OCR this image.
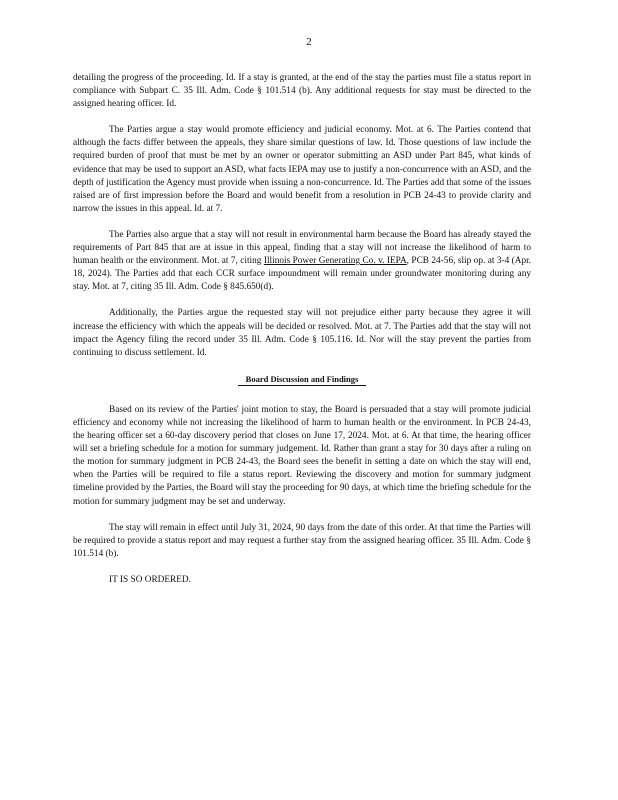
2

detailing the progress of the proceeding. Id. If a stay is granted, at the end of the stay the parties must file a status report in compliance with Subpart C. 35 Ill. Adm. Code § 101.514 (b). Any additional requests for stay must be directed to the assigned hearing officer. Id.

The Parties argue a stay would promote efficiency and judicial economy. Mot. at 6. The Parties contend that although the facts differ between the appeals, they share similar questions of law. Id. Those questions of law include the required burden of proof that must be met by an owner or operator submitting an ASD under Part 845, what kinds of evidence that may be used to support an ASD, what facts IEPA may use to justify a non-concurrence with an ASD, and the depth of justification the Agency must provide when issuing a non-concurrence. Id. The Parties add that some of the issues raised are of first impression before the Board and would benefit from a resolution in PCB 24-43 to provide clarity and narrow the issues in this appeal. Id. at 7.

The Parties also argue that a stay will not result in environmental harm because the Board has already stayed the requirements of Part 845 that are at issue in this appeal, finding that a stay will not increase the likelihood of harm to human health or the environment. Mot. at 7, citing Illinois Power Generating Co. v. IEPA, PCB 24-56, slip op. at 3-4 (Apr. 18, 2024). The Parties add that each CCR surface impoundment will remain under groundwater monitoring during any stay. Mot. at 7, citing 35 Ill. Adm. Code § 845.650(d).

Additionally, the Parties argue the requested stay will not prejudice either party because they agree it will increase the efficiency with which the appeals will be decided or resolved. Mot. at 7. The Parties add that the stay will not impact the Agency filing the record under 35 Ill. Adm. Code § 105.116. Id. Nor will the stay prevent the parties from continuing to discuss settlement. Id.

Board Discussion and Findings

Based on its review of the Parties' joint motion to stay, the Board is persuaded that a stay will promote judicial efficiency and economy while not increasing the likelihood of harm to human health or the environment. In PCB 24-43, the hearing officer set a 60-day discovery period that closes on June 17, 2024. Mot. at 6. At that time, the hearing officer will set a briefing schedule for a motion for summary judgement. Id. Rather than grant a stay for 30 days after a ruling on the motion for summary judgment in PCB 24-43, the Board sees the benefit in setting a date on which the stay will end, when the Parties will be required to file a status report. Reviewing the discovery and motion for summary judgment timeline provided by the Parties, the Board will stay the proceeding for 90 days, at which time the briefing schedule for the motion for summary judgment may be set and underway.

The stay will remain in effect until July 31, 2024, 90 days from the date of this order. At that time the Parties will be required to provide a status report and may request a further stay from the assigned hearing officer. 35 Ill. Adm. Code § 101.514 (b).

IT IS SO ORDERED.
